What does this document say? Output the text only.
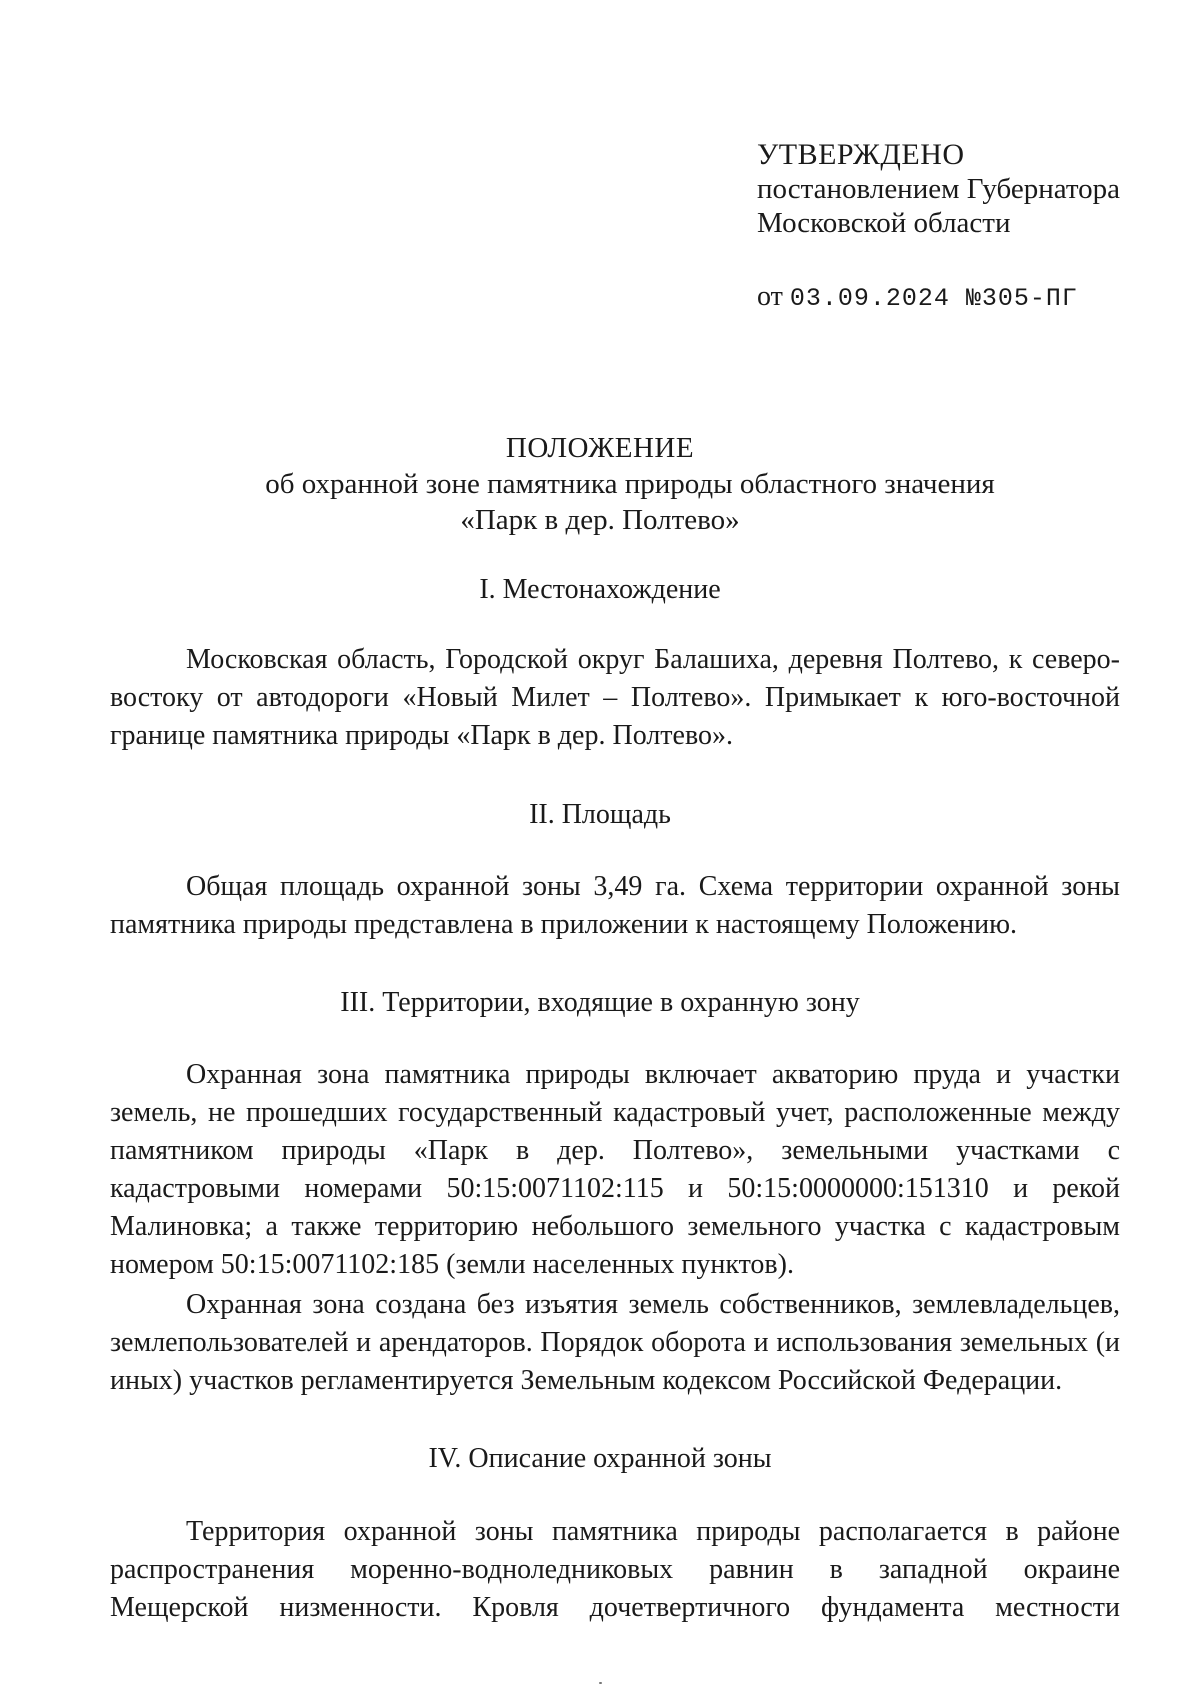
УТВЕРЖДЕНО
постановлением Губернатора
Московской области
от 03.09.2024 №305-ПГ
ПОЛОЖЕНИЕ
об охранной зоне памятника природы областного значения
«Парк в дер. Полтево»
I. Местонахождение
Московская область, Городской округ Балашиха, деревня Полтево, к северо-востоку от автодороги «Новый Милет – Полтево». Примыкает к юго-восточной границе памятника природы «Парк в дер. Полтево».
II. Площадь
Общая площадь охранной зоны 3,49 га. Схема территории охранной зоны памятника природы представлена в приложении к настоящему Положению.
III. Территории, входящие в охранную зону
Охранная зона памятника природы включает акваторию пруда и участки земель, не прошедших государственный кадастровый учет, расположенные между памятником природы «Парк в дер. Полтево», земельными участками с кадастровыми номерами 50:15:0071102:115 и 50:15:0000000:151310 и рекой Малиновка; а также территорию небольшого земельного участка с кадастровым номером 50:15:0071102:185 (земли населенных пунктов).
Охранная зона создана без изъятия земель собственников, землевладельцев, землепользователей и арендаторов. Порядок оборота и использования земельных (и иных) участков регламентируется Земельным кодексом Российской Федерации.
IV. Описание охранной зоны
Территория охранной зоны памятника природы располагается в районе распространения моренно-водноледниковых равнин в западной окраине Мещерской низменности. Кровля дочетвертичного фундамента местности
